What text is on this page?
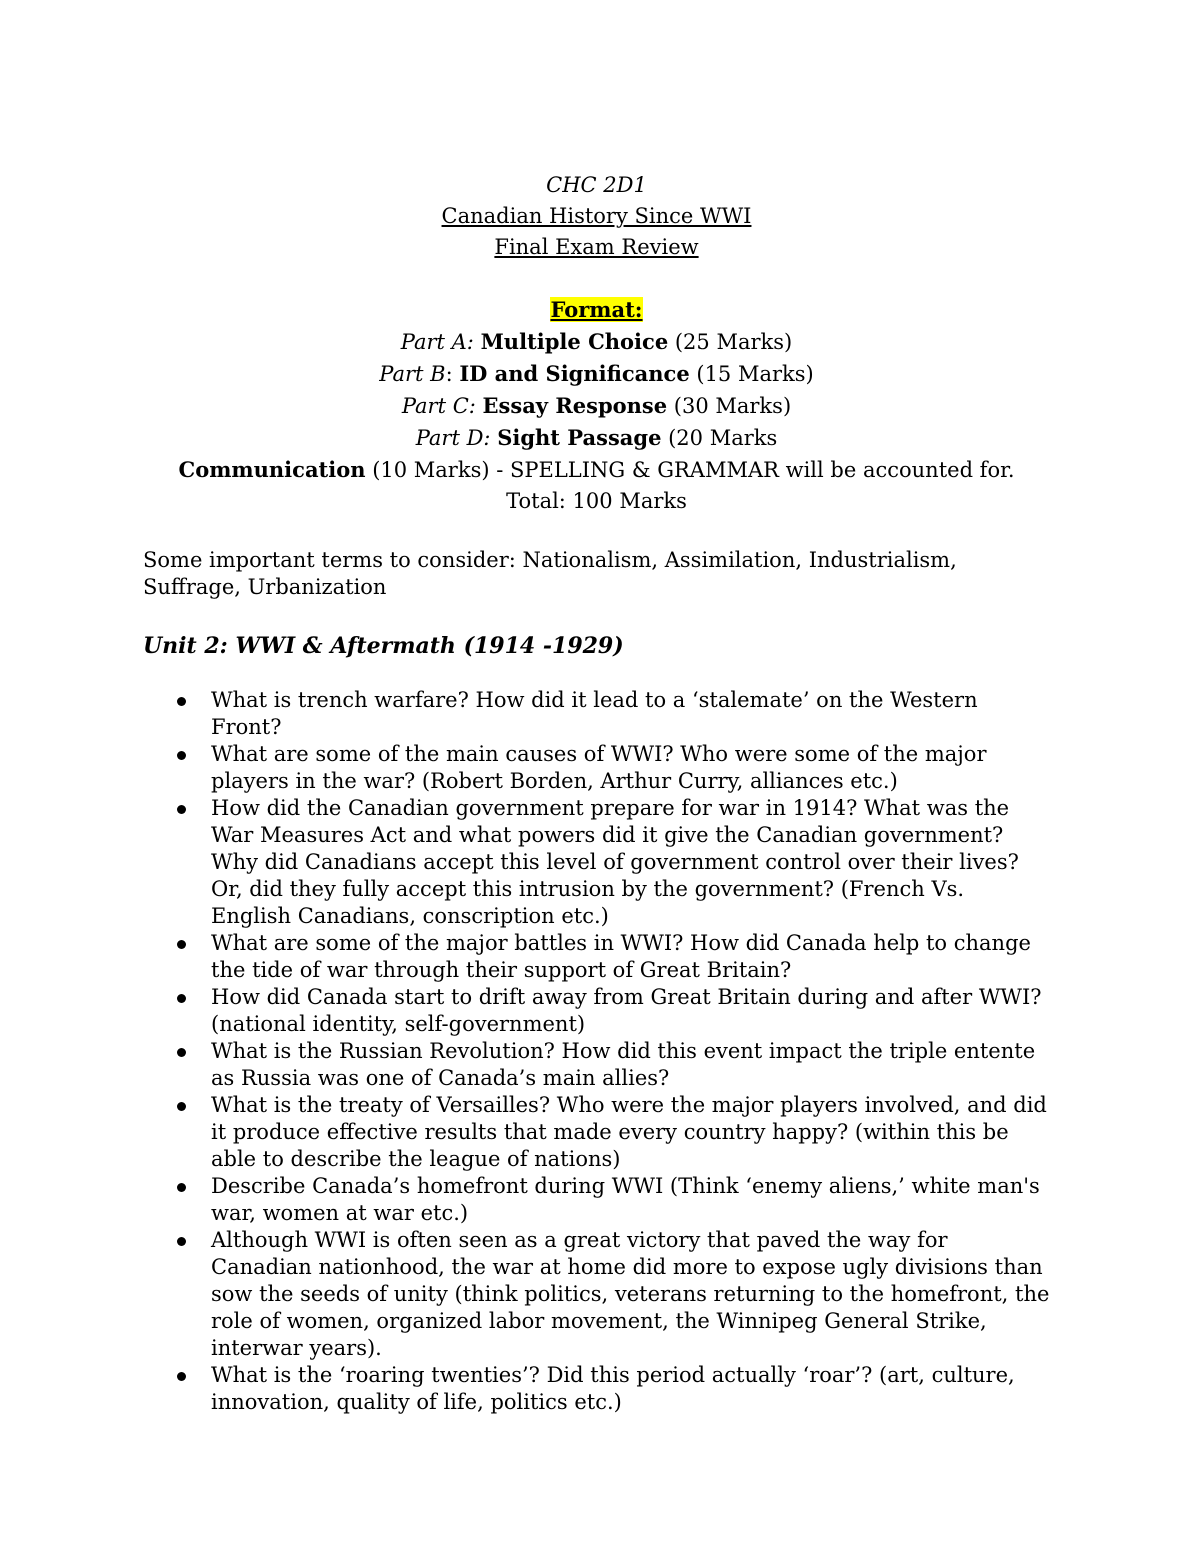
CHC 2D1
Canadian History Since WWI
Final Exam Review
Format:
Part A: Multiple Choice (25 Marks)
Part B: ID and Significance (15 Marks)
Part C: Essay Response (30 Marks)
Part D: Sight Passage (20 Marks
Communication (10 Marks) - SPELLING & GRAMMAR will be accounted for.
Total: 100 Marks
Some important terms to consider: Nationalism, Assimilation, Industrialism, Suffrage, Urbanization
Unit 2: WWI & Aftermath (1914 -1929)
What is trench warfare? How did it lead to a ‘stalemate’ on the Western Front?
What are some of the main causes of WWI? Who were some of the major players in the war? (Robert Borden, Arthur Curry, alliances etc.)
How did the Canadian government prepare for war in 1914? What was the War Measures Act and what powers did it give the Canadian government? Why did Canadians accept this level of government control over their lives? Or, did they fully accept this intrusion by the government? (French Vs. English Canadians, conscription etc.)
What are some of the major battles in WWI? How did Canada help to change the tide of war through their support of Great Britain?
How did Canada start to drift away from Great Britain during and after WWI? (national identity, self-government)
What is the Russian Revolution? How did this event impact the triple entente as Russia was one of Canada’s main allies?
What is the treaty of Versailles? Who were the major players involved, and did it produce effective results that made every country happy? (within this be able to describe the league of nations)
Describe Canada’s homefront during WWI (Think ‘enemy aliens,’ white man's war, women at war etc.)
Although WWI is often seen as a great victory that paved the way for Canadian nationhood, the war at home did more to expose ugly divisions than sow the seeds of unity (think politics, veterans returning to the homefront, the role of women, organized labor movement, the Winnipeg General Strike, interwar years).
What is the ‘roaring twenties’? Did this period actually ‘roar’? (art, culture, innovation, quality of life, politics etc.)
